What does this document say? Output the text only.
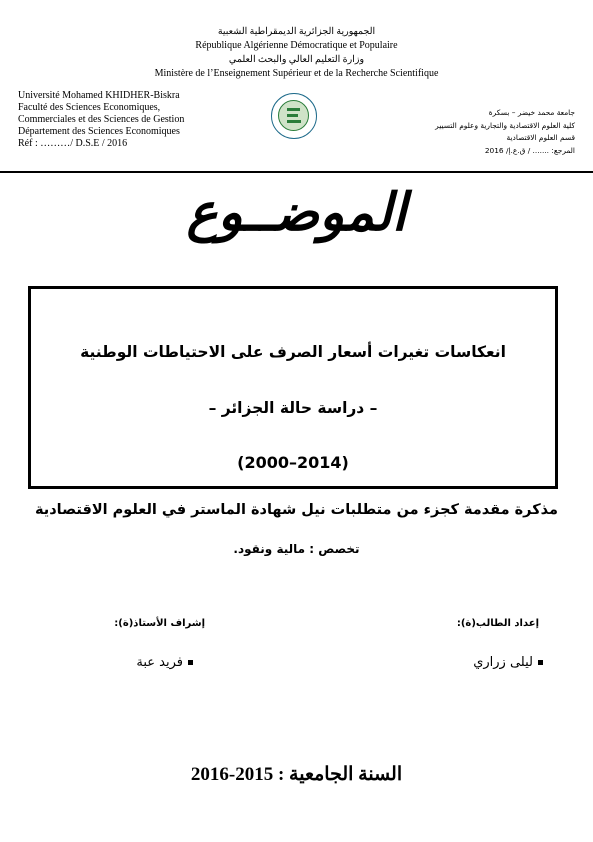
الجمهورية الجزائرية الديمقراطية الشعبية
République Algérienne Démocratique et Populaire
وزارة التعليم العالي والبحث العلمي
Ministère de l’Enseignement Supérieur et de la Recherche Scientifique
Université Mohamed KHIDHER-Biskra
Faculté des Sciences Economiques,
Commerciales et des Sciences de Gestion
Département des Sciences Economiques
Réf : ………/ D.S.E / 2016
جامعة محمد خيضر – بسكرة
كلية العلوم الاقتصادية والتجارية وعلوم التسيير
قسم العلوم الاقتصادية
المرجع: ....... / ق.ع.إ/ 2016
الموضــوع
انعكاسات تغيرات أسعار الصرف على الاحتياطات الوطنية
– دراسة حالة الجزائر –
(2014–2000)
مذكرة مقدمة كجزء من متطلبات نيل شهادة الماستر في العلوم الاقتصادية
تخصص : مالية ونقود.
إعداد الطالب(ة):
إشراف الأستاذ(ة):
ليلى زراري
فريد عبة
السنة الجامعية : 2015-2016
